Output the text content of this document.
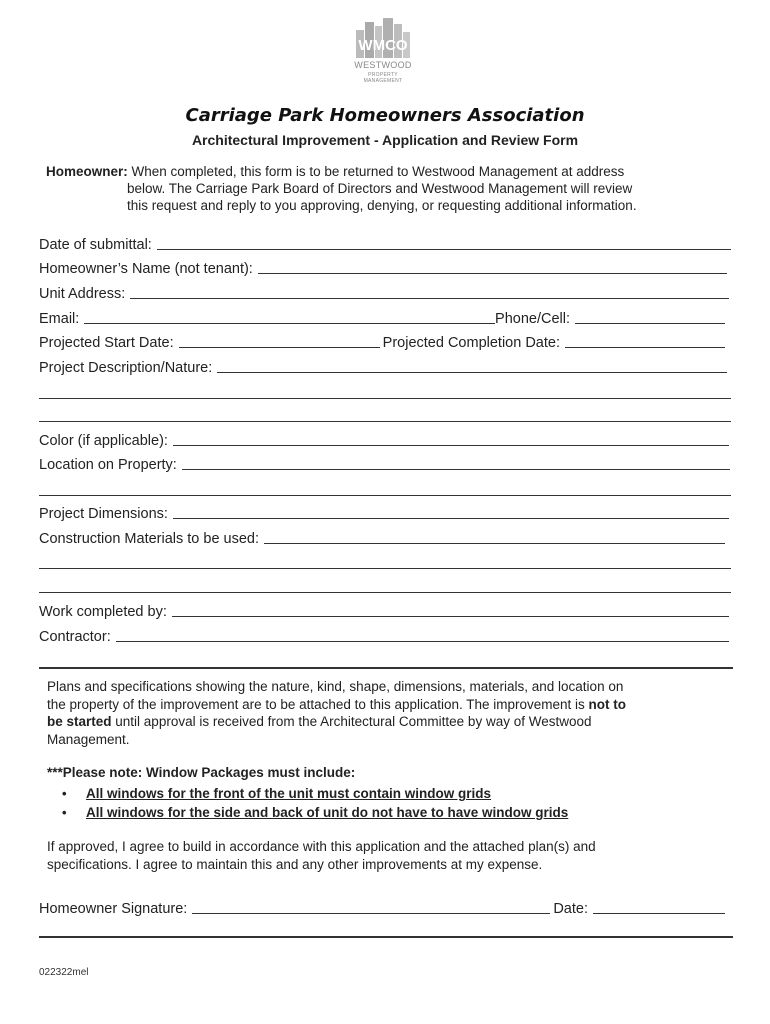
WMCO
WESTWOOD
PROPERTY MANAGEMENT
Carriage Park Homeowners Association
Architectural Improvement - Application and Review Form
Homeowner: When completed, this form is to be returned to Westwood Management at address
below. The Carriage Park Board of Directors and Westwood Management will review
this request and reply to you approving, denying, or requesting additional information.
Date of submittal:
Homeowner’s Name (not tenant):
Unit Address:
Email:	Phone/Cell:
Projected Start Date:	Projected Completion Date:
Project Description/Nature:
Color (if applicable):
Location on Property:
Project Dimensions:
Construction Materials to be used:
Work completed by:
Contractor:
Plans and specifications showing the nature, kind, shape, dimensions, materials, and location on
the property of the improvement are to be attached to this application. The improvement is not to
be started until approval is received from the Architectural Committee by way of Westwood
Management.
***Please note: Window Packages must include:
•	All windows for the front of the unit must contain window grids
•	All windows for the side and back of unit do not have to have window grids
If approved, I agree to build in accordance with this application and the attached plan(s) and
specifications. I agree to maintain this and any other improvements at my expense.
Homeowner Signature:	Date:
022322mel
